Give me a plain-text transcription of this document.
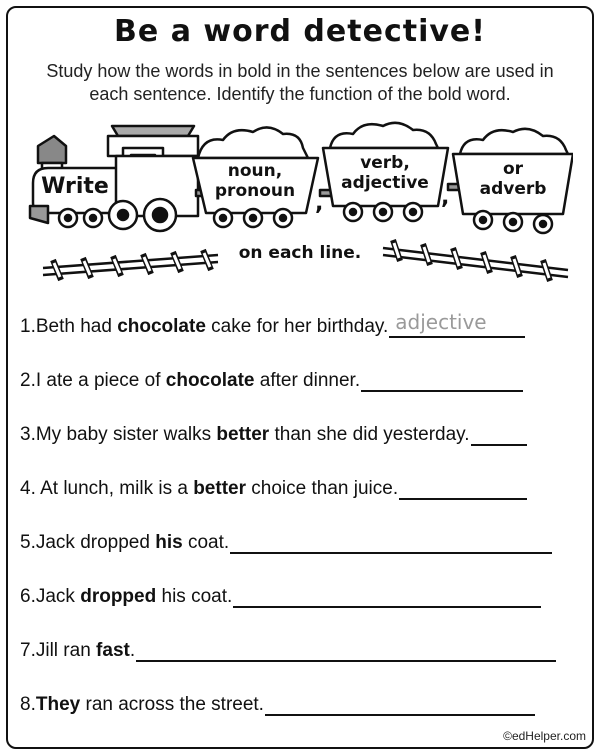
Be a word detective!
Study how the words in bold in the sentences below are used in each sentence. Identify the function of the bold word.
Write
noun,
pronoun
verb,
adjective
or
adverb
,	,
on each line.
1. Beth had chocolate cake for her birthday. adjective
2. I ate a piece of chocolate after dinner.
3. My baby sister walks better than she did yesterday.
4. At lunch, milk is a better choice than juice.
5. Jack dropped his coat.
6. Jack dropped his coat.
7. Jill ran fast .
8. They ran across the street.
©edHelper.com
